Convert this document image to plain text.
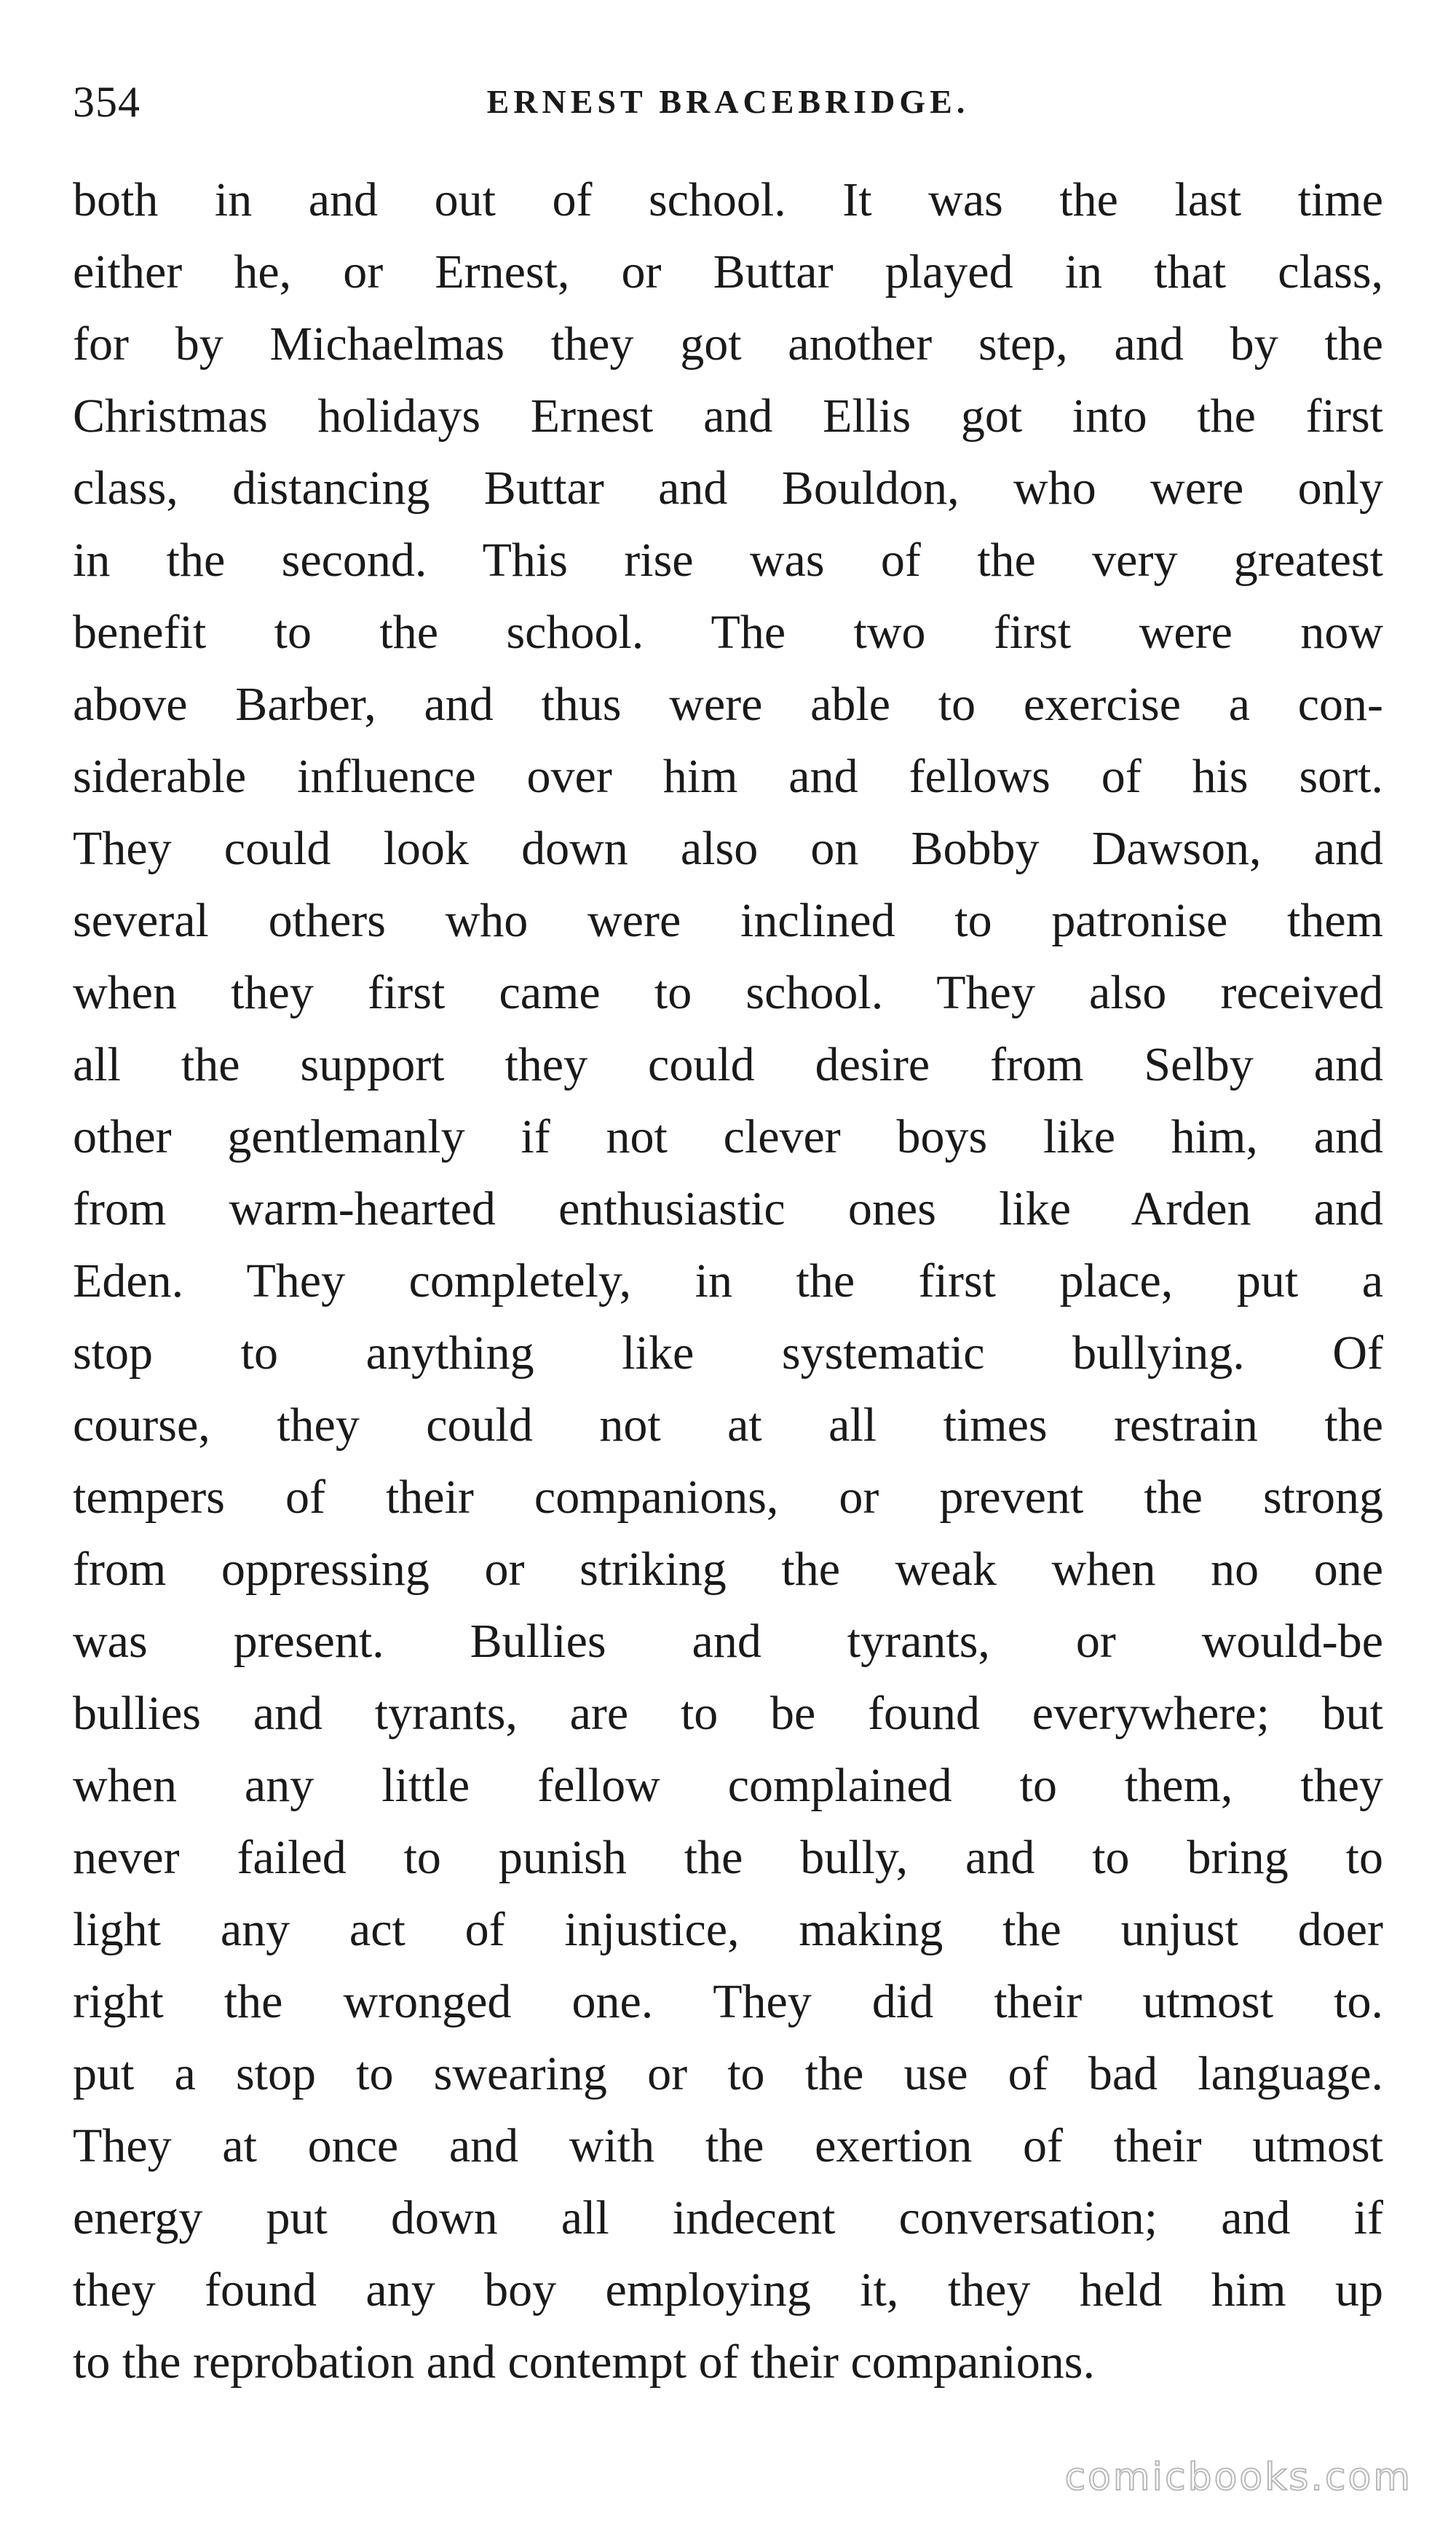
354	ERNEST BRACEBRIDGE.
both in and out of school. It was the last time
either he, or Ernest, or Buttar played in that class,
for by Michaelmas they got another step, and by the
Christmas holidays Ernest and Ellis got into the first
class, distancing Buttar and Bouldon, who were only
in the second. This rise was of the very greatest
benefit to the school. The two first were now
above Barber, and thus were able to exercise a con-
siderable influence over him and fellows of his sort.
They could look down also on Bobby Dawson, and
several others who were inclined to patronise them
when they first came to school. They also received
all the support they could desire from Selby and
other gentlemanly if not clever boys like him, and
from warm-hearted enthusiastic ones like Arden and
Eden. They completely, in the first place, put a
stop to anything like systematic bullying. Of
course, they could not at all times restrain the
tempers of their companions, or prevent the strong
from oppressing or striking the weak when no one
was present. Bullies and tyrants, or would-be
bullies and tyrants, are to be found everywhere; but
when any little fellow complained to them, they
never failed to punish the bully, and to bring to
light any act of injustice, making the unjust doer
right the wronged one. They did their utmost to.
put a stop to swearing or to the use of bad language.
They at once and with the exertion of their utmost
energy put down all indecent conversation; and if
they found any boy employing it, they held him up
to the reprobation and contempt of their companions.
comicbooks.com
